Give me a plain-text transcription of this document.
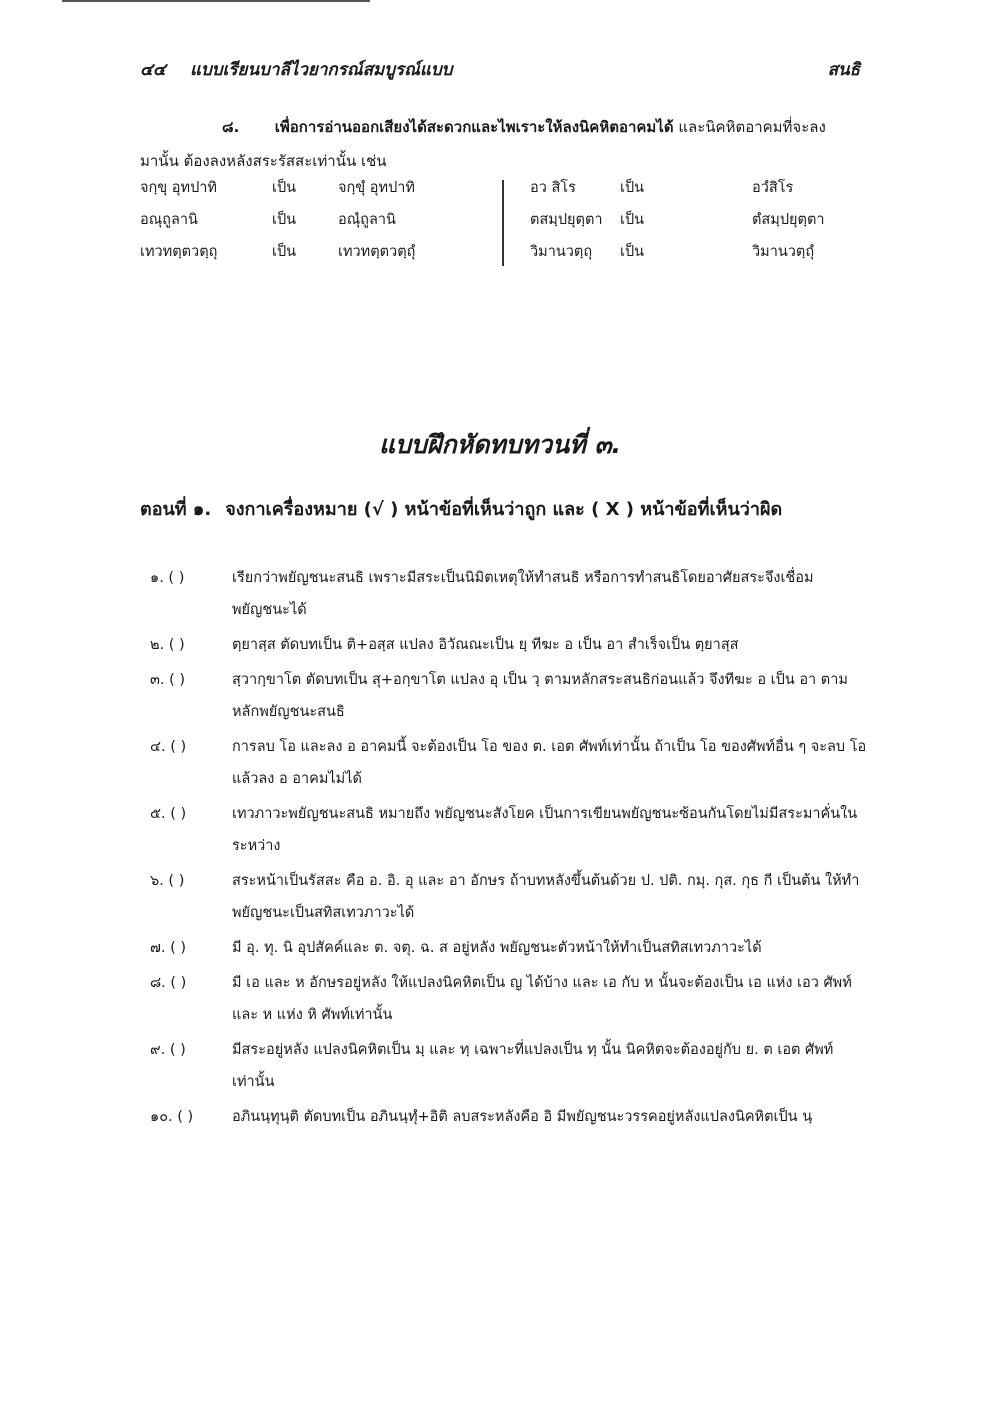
๔๔ แบบเรียนบาลีไวยากรณ์สมบูรณ์แบบ	สนธิ
๘. เพื่อการอ่านออกเสียงได้สะดวกและไพเราะให้ลงนิคหิตอาคมได้ และนิคหิตอาคมที่จะลง
มานั้น ต้องลงหลังสระรัสสะเท่านั้น เช่น
จกฺขุ อุทปาทิ	เป็น	จกฺขุํ อุทปาทิ
อณุถูลานิ	เป็น	อณุํถูลานิ
เทวทตฺตวตฺถุ	เป็น	เทวทตฺตวตฺถุํ
อว สิโร	เป็น	อวํสิโร
ตสมฺปยุตฺตา เป็น	ตํสมฺปยุตฺตา
วิมานวตฺถุ เป็น	วิมานวตฺถุํ
แบบฝึกหัดทบทวนที่ ๓.
ตอนที่ ๑. จงกาเครื่องหมาย (√ ) หน้าข้อที่เห็นว่าถูก และ ( X ) หน้าข้อที่เห็นว่าผิด
๑. ( )	เรียกว่าพยัญชนะสนธิ เพราะมีสระเป็นนิมิตเหตุให้ทำสนธิ หรือการทำสนธิโดยอาศัยสระจึงเชื่อมพยัญชนะได้
๒. ( )	ตฺยาสฺส ตัดบทเป็น ติ+อสฺส แปลง อิวัณณะเป็น ยฺ ทีฆะ อ เป็น อา สำเร็จเป็น ตฺยาสฺส
๓. ( )	สฺวากฺขาโต ตัดบทเป็น สุ+อกฺขาโต แปลง อุ เป็น วฺ ตามหลักสระสนธิก่อนแล้ว จึงทีฆะ อ เป็น อา ตามหลักพยัญชนะสนธิ
๔. ( )	การลบ โอ และลง อ อาคมนี้ จะต้องเป็น โอ ของ ต. เอต ศัพท์เท่านั้น ถ้าเป็น โอ ของศัพท์อื่น ๆ จะลบ โอ แล้วลง อ อาคมไม่ได้
๕. ( )	เทวภาวะพยัญชนะสนธิ หมายถึง พยัญชนะสังโยค เป็นการเขียนพยัญชนะซ้อนกันโดยไม่มีสระมาคั่นในระหว่าง
๖. ( )	สระหน้าเป็นรัสสะ คือ อ. อิ. อุ และ อา อักษร ถ้าบทหลังขึ้นต้นด้วย ป. ปติ. กมุ. กุส. กุธ กี เป็นต้น ให้ทำพยัญชนะเป็นสทิสเทวภาวะได้
๗. ( )	มี อุ. ทุ. นิ อุปสัคค์และ ต. จตุ. ฉ. ส อยู่หลัง พยัญชนะตัวหน้าให้ทำเป็นสทิสเทวภาวะได้
๘. ( )	มี เอ และ ห อักษรอยู่หลัง ให้แปลงนิคหิตเป็น ญ ได้บ้าง และ เอ กับ ห นั้นจะต้องเป็น เอ แห่ง เอว ศัพท์ และ ห แห่ง หิ ศัพท์เท่านั้น
๙. ( )	มีสระอยู่หลัง แปลงนิคหิตเป็น มฺ และ ทฺ เฉพาะที่แปลงเป็น ทฺ นั้น นิคหิตจะต้องอยู่กับ ย. ต เอต ศัพท์เท่านั้น
๑๐. ( )	อภินนฺทุนฺติ ตัดบทเป็น อภินนฺทุํ+อิติ ลบสระหลังคือ อิ มีพยัญชนะวรรคอยู่หลังแปลงนิคหิตเป็น นฺ
